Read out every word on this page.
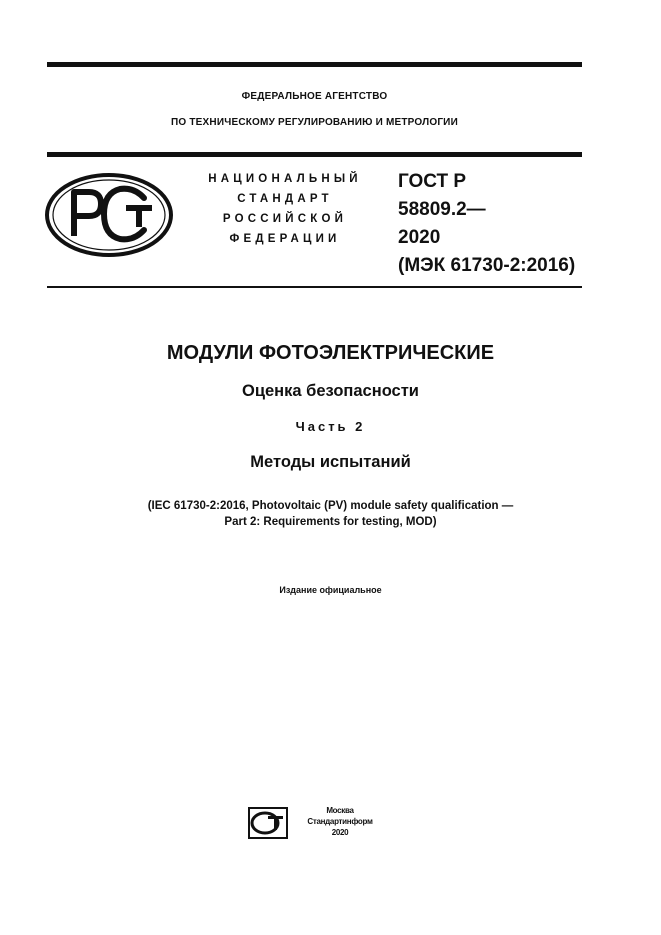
ФЕДЕРАЛЬНОЕ АГЕНТСТВО
ПО ТЕХНИЧЕСКОМУ РЕГУЛИРОВАНИЮ И МЕТРОЛОГИИ
НАЦИОНАЛЬНЫЙ
СТАНДАРТ
РОССИЙСКОЙ
ФЕДЕРАЦИИ
ГОСТ Р
58809.2—
2020
(МЭК 61730-2:2016)
МОДУЛИ ФОТОЭЛЕКТРИЧЕСКИЕ
Оценка безопасности
Часть 2
Методы испытаний
(IEC 61730-2:2016, Photovoltaic (PV) module safety qualification —
Part 2: Requirements for testing, MOD)
Издание официальное
Москва
Стандартинформ
2020
